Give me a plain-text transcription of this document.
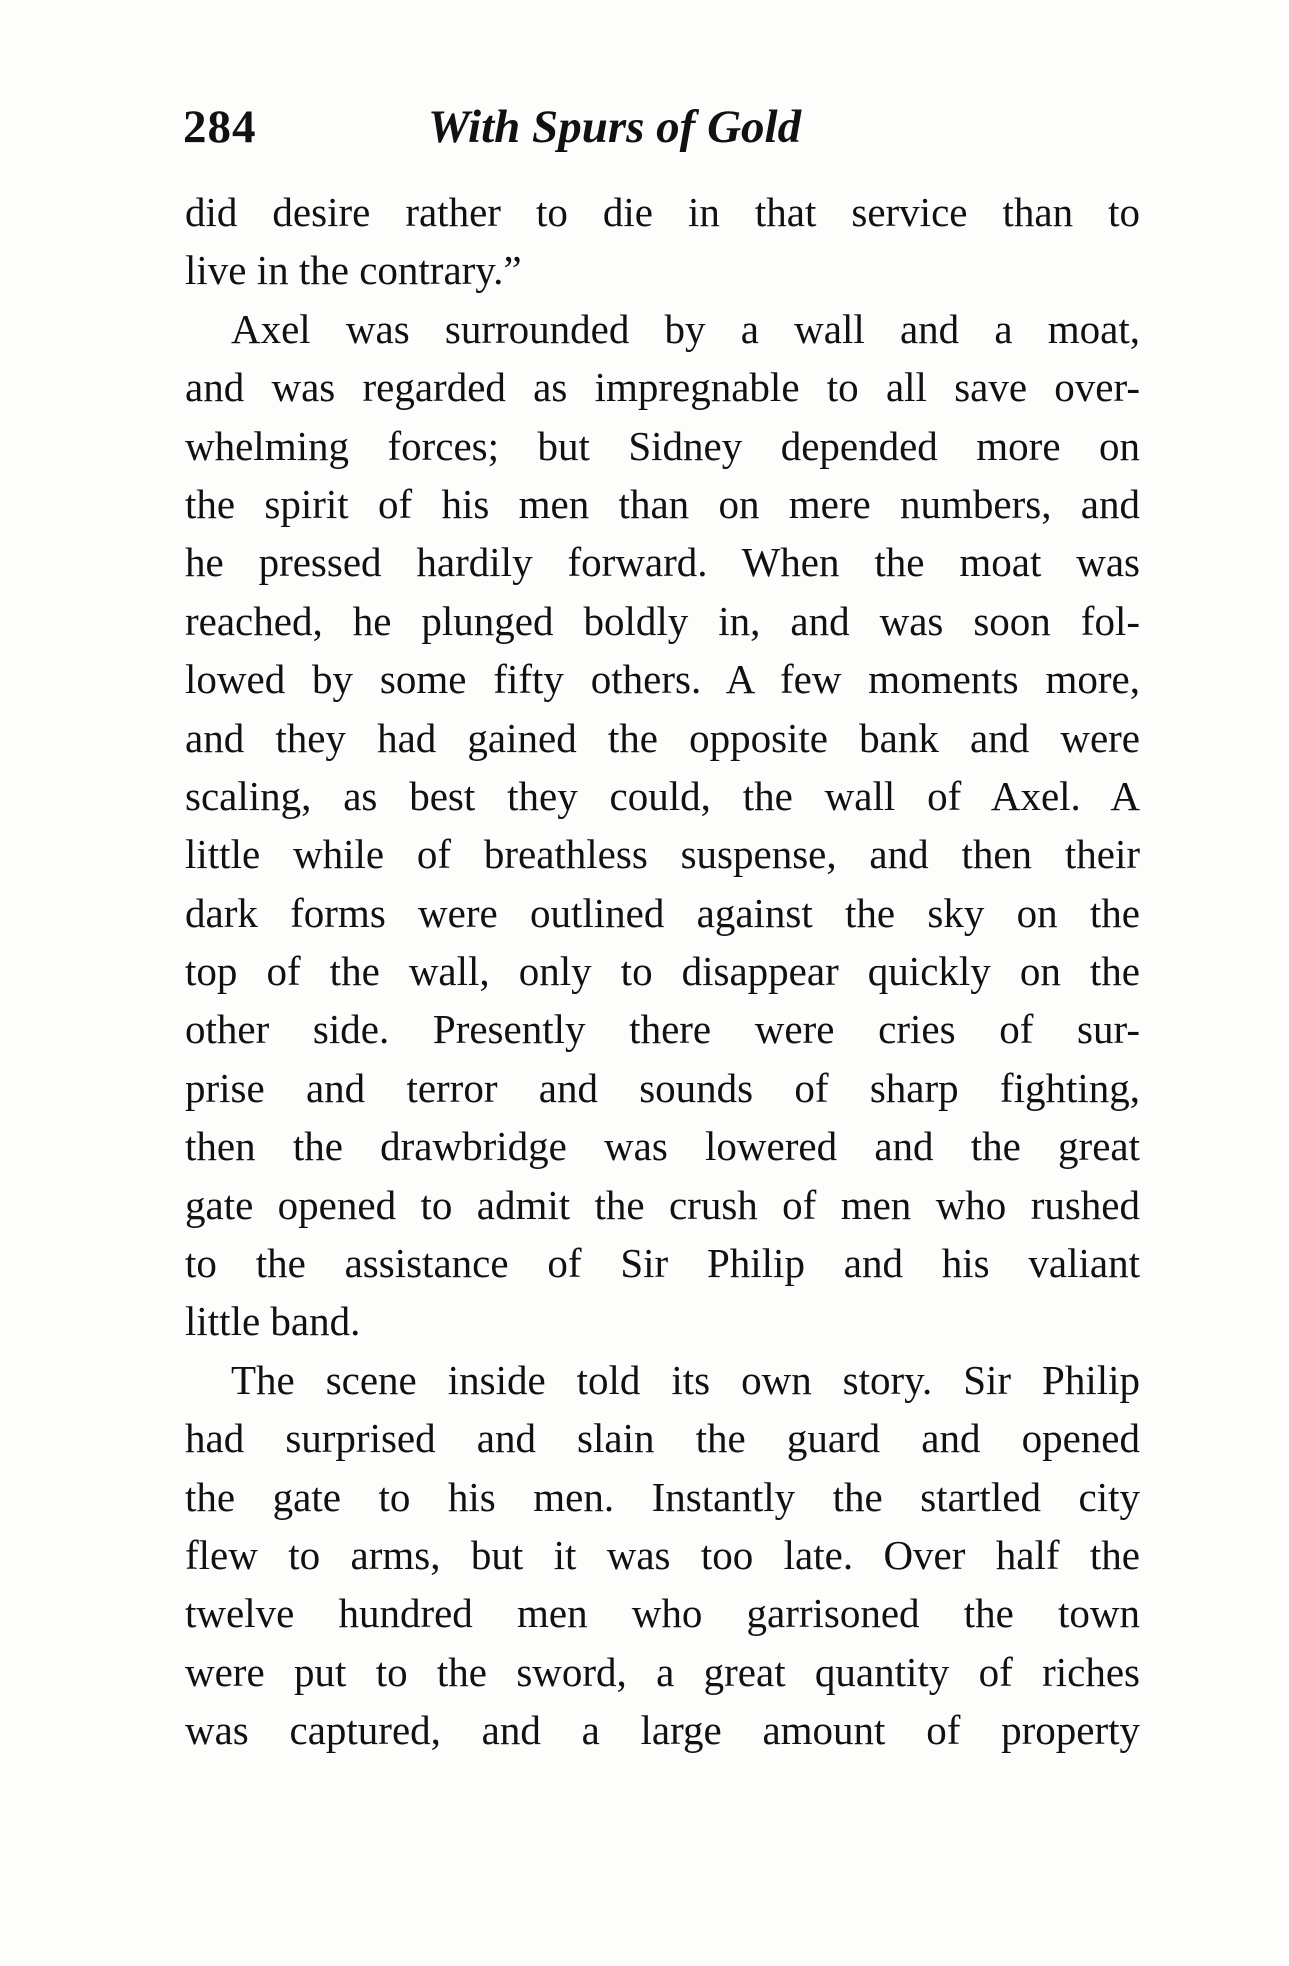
284	With Spurs of Gold
did desire rather to die in that service than to
live in the contrary.”
Axel was surrounded by a wall and a moat,
and was regarded as impregnable to all save over-
whelming forces; but Sidney depended more on
the spirit of his men than on mere numbers, and
he pressed hardily forward. When the moat was
reached, he plunged boldly in, and was soon fol-
lowed by some fifty others. A few moments more,
and they had gained the opposite bank and were
scaling, as best they could, the wall of Axel. A
little while of breathless suspense, and then their
dark forms were outlined against the sky on the
top of the wall, only to disappear quickly on the
other side. Presently there were cries of sur-
prise and terror and sounds of sharp fighting,
then the drawbridge was lowered and the great
gate opened to admit the crush of men who rushed
to the assistance of Sir Philip and his valiant
little band.
The scene inside told its own story. Sir Philip
had surprised and slain the guard and opened
the gate to his men. Instantly the startled city
flew to arms, but it was too late. Over half the
twelve hundred men who garrisoned the town
were put to the sword, a great quantity of riches
was captured, and a large amount of property
